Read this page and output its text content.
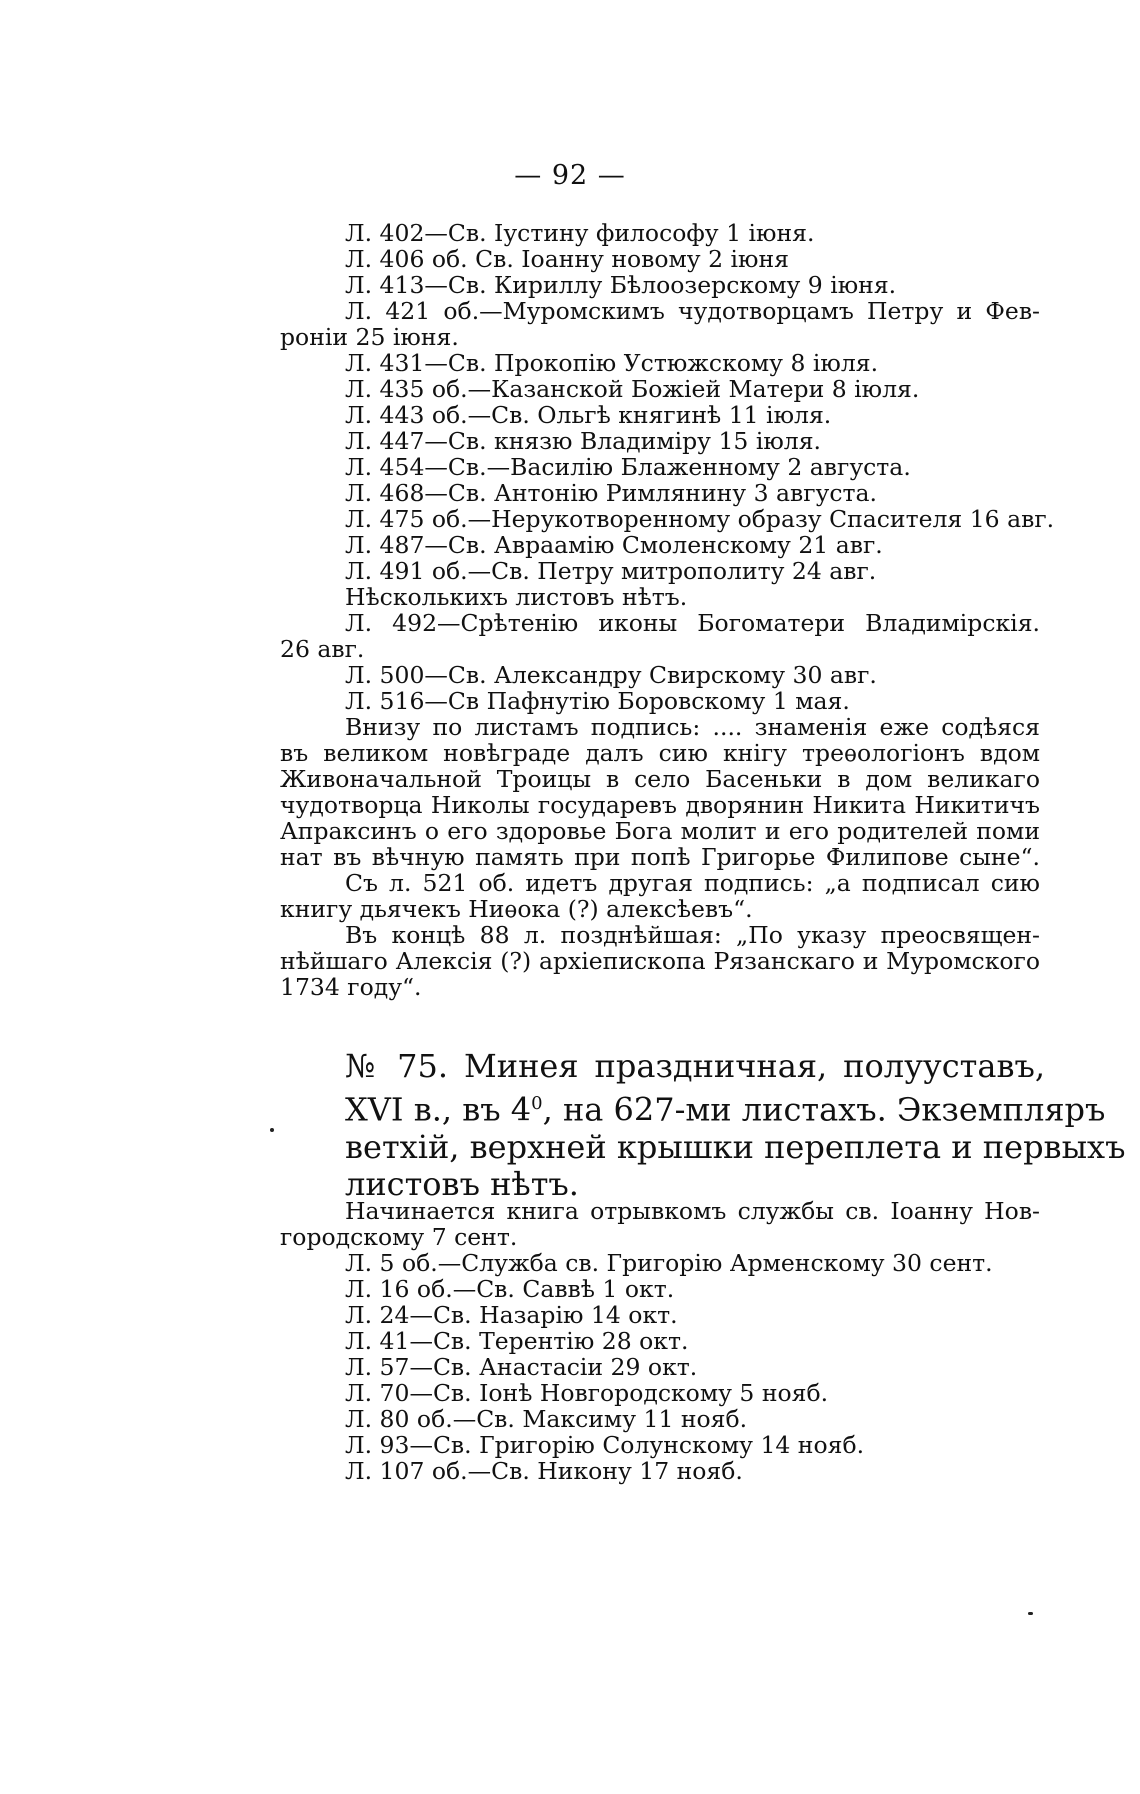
— 92 —
Л. 402—Св. Іустину философу 1 іюня.
Л. 406 об. Св. Іоанну новому 2 іюня
Л. 413—Св. Кириллу Бѣлоозерскому 9 іюня.
Л. 421 об.—Муромскимъ чудотворцамъ Петру и Фев-
роніи 25 іюня.
Л. 431—Св. Прокопію Устюжскому 8 іюля.
Л. 435 об.—Казанской Божіей Матери 8 іюля.
Л. 443 об.—Св. Ольгѣ княгинѣ 11 іюля.
Л. 447—Св. князю Владиміру 15 іюля.
Л. 454—Св.—Василію Блаженному 2 августа.
Л. 468—Св. Антонію Римлянину 3 августа.
Л. 475 об.—Нерукотворенному образу Спасителя 16 авг.
Л. 487—Св. Авраамію Смоленскому 21 авг.
Л. 491 об.—Св. Петру митрополиту 24 авг.
Нѣсколькихъ листовъ нѣтъ.
Л. 492—Срѣтенію иконы Богоматери Владимірскія.
26 авг.
Л. 500—Св. Александру Свирскому 30 авг.
Л. 516—Св Пафнутію Боровскому 1 мая.
Внизу по листамъ подпись: .... знаменія еже содѣяся
въ великом новѣграде далъ сию кнігу треѳологіонъ вдом
Живоначальной Троицы в село Басеньки в дом великаго
чудотворца Николы государевъ дворянин Никита Никитичъ
Апраксинъ о его здоровье Бога молит и его родителей поми
нат въ вѣчную память при попѣ Григорье Филипове сыне“.
Съ л. 521 об. идетъ другая подпись: „а подписал сию
книгу дьячекъ Ниѳока (?) алексѣевъ“.
Въ концѣ 88 л. позднѣйшая: „По указу преосвящен-
нѣйшаго Алексія (?) архіепископа Рязанскаго и Муромского
1734 году“.
№ 75. Минея праздничная, полууставъ,
XVI в., въ $4^0$, на 627-ми листахъ. Экземпляръ
ветхій, верхней крышки переплета и первыхъ
листовъ нѣтъ.
Начинается книга отрывкомъ службы св. Іоанну Нов-
городскому 7 сент.
Л. 5 об.—Служба св. Григорію Арменскому 30 сент.
Л. 16 об.—Св. Саввѣ 1 окт.
Л. 24—Св. Назарію 14 окт.
Л. 41—Св. Терентію 28 окт.
Л. 57—Св. Анастасіи 29 окт.
Л. 70—Св. Іонѣ Новгородскому 5 нояб.
Л. 80 об.—Св. Максиму 11 нояб.
Л. 93—Св. Григорію Солунскому 14 нояб.
Л. 107 об.—Св. Никону 17 нояб.
